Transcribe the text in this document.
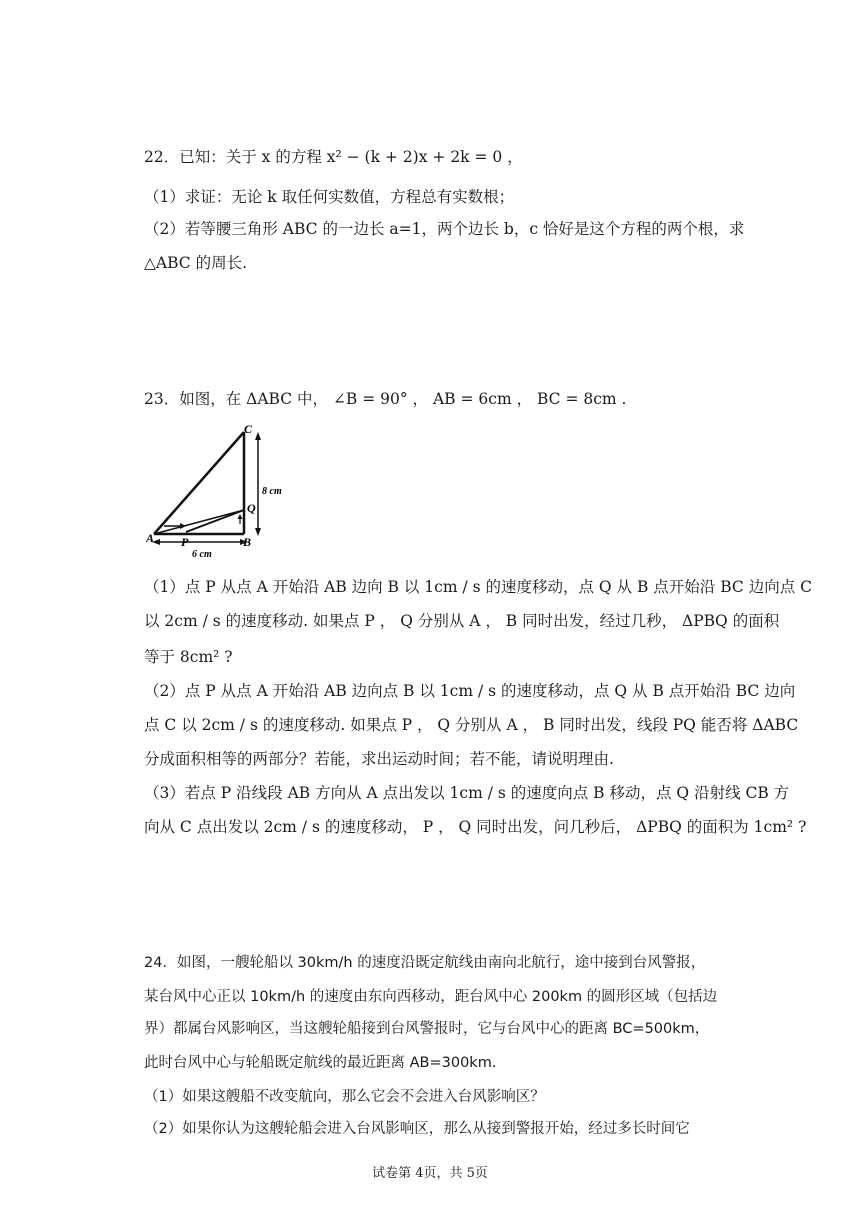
22．已知：关于 x 的方程 x² − (k + 2)x + 2k = 0 ，
（1）求证：无论 k 取任何实数值，方程总有实数根；
（2）若等腰三角形 ABC 的一边长 a=1，两个边长 b，c 恰好是这个方程的两个根，求
△ABC 的周长.
23．如图，在 ΔABC 中， ∠B = 90° ， AB = 6cm ， BC = 8cm .
C
A	B
P
Q
8 cm
6 cm
（1）点 P 从点 A 开始沿 AB 边向 B 以 1cm / s 的速度移动，点 Q 从 B 点开始沿 BC 边向点 C
以 2cm / s 的速度移动. 如果点 P ， Q 分别从 A ， B 同时出发，经过几秒， ΔPBQ 的面积
等于 8cm² ?
（2）点 P 从点 A 开始沿 AB 边向点 B 以 1cm / s 的速度移动，点 Q 从 B 点开始沿 BC 边向
点 C 以 2cm / s 的速度移动. 如果点 P ， Q 分别从 A ， B 同时出发，线段 PQ 能否将 ΔABC
分成面积相等的两部分？若能，求出运动时间；若不能，请说明理由.
（3）若点 P 沿线段 AB 方向从 A 点出发以 1cm / s 的速度向点 B 移动，点 Q 沿射线 CB 方
向从 C 点出发以 2cm / s 的速度移动， P ， Q 同时出发，问几秒后， ΔPBQ 的面积为 1cm² ?
24．如图，一艘轮船以 30km/h 的速度沿既定航线由南向北航行，途中接到台风警报，
某台风中心正以 10km/h 的速度由东向西移动，距台风中心 200km 的圆形区域（包括边
界）都属台风影响区，当这艘轮船接到台风警报时，它与台风中心的距离 BC=500km，
此时台风中心与轮船既定航线的最近距离 AB=300km.
（1）如果这艘船不改变航向，那么它会不会进入台风影响区？
（2）如果你认为这艘轮船会进入台风影响区，那么从接到警报开始，经过多长时间它
试卷第 4页，共 5页
